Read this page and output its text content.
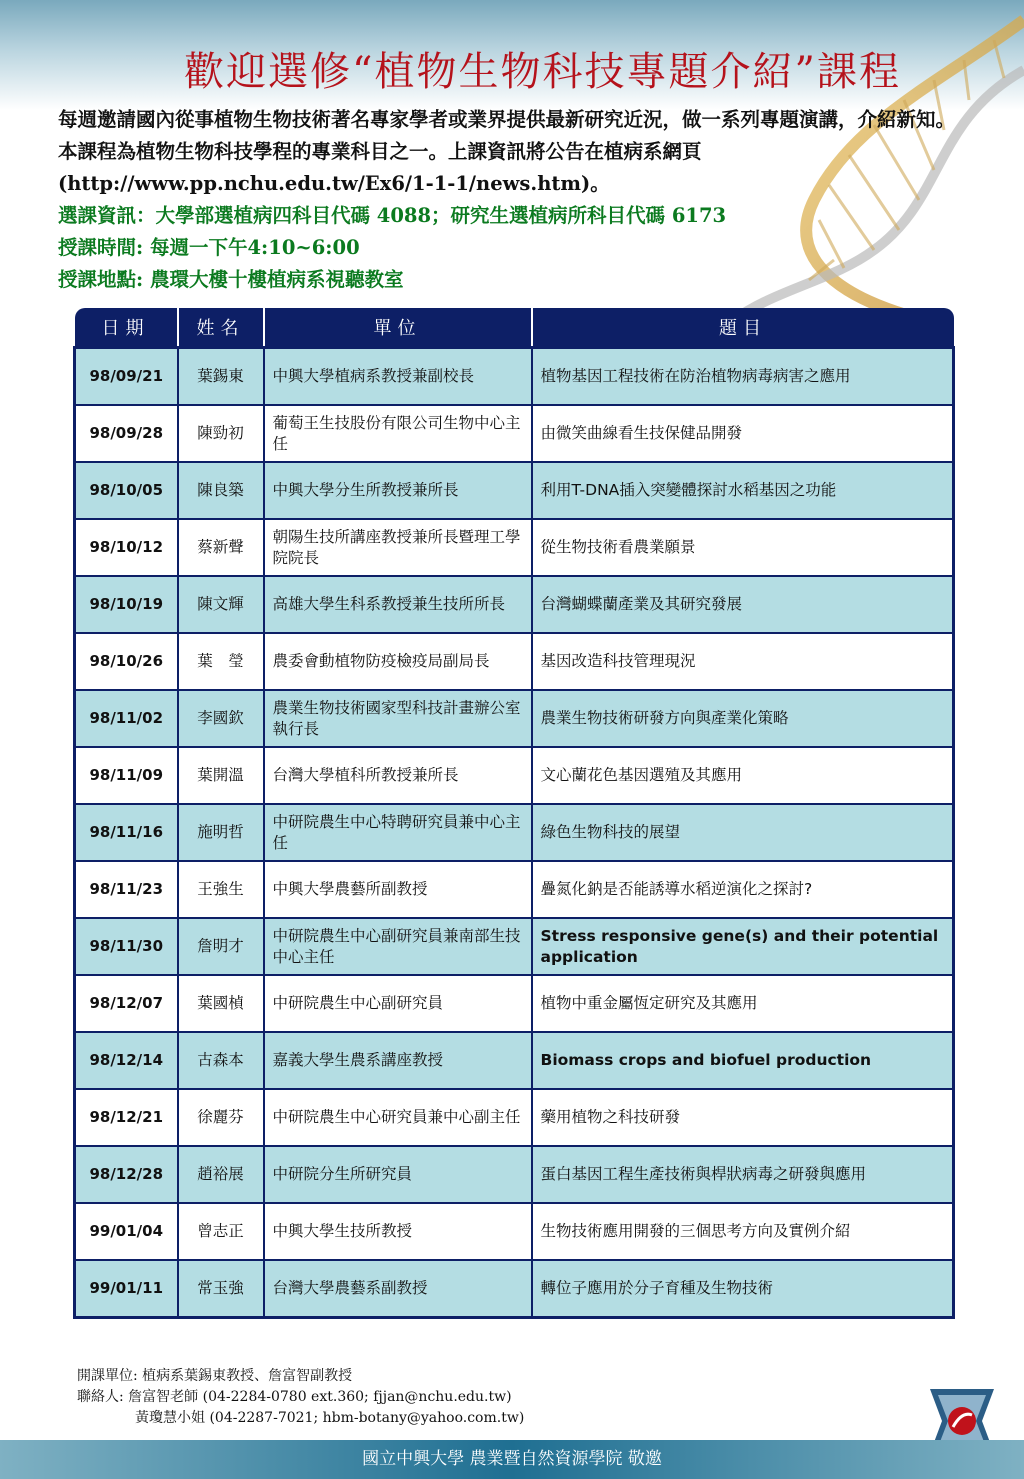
歡迎選修“植物生物科技專題介紹”課程

每週邀請國內從事植物生物技術著名專家學者或業界提供最新研究近況，做一系列專題演講，介紹新知。本課程為植物生物科技學程的專業科目之一。上課資訊將公告在植病系網頁(http://www.pp.nchu.edu.tw/Ex6/1-1-1/news.htm)。

選課資訊：大學部選植病四科目代碼 4088；研究生選植病所科目代碼 6173

授課時間: 每週一下午4:10~6:00

授課地點: 農環大樓十樓植病系視聽教室

日期	姓名	單位	題目
98/09/21	葉錫東	中興大學植病系教授兼副校長	植物基因工程技術在防治植物病毒病害之應用
98/09/28	陳勁初	葡萄王生技股份有限公司生物中心主任	由微笑曲線看生技保健品開發
98/10/05	陳良築	中興大學分生所教授兼所長	利用T-DNA插入突變體探討水稻基因之功能
98/10/12	蔡新聲	朝陽生技所講座教授兼所長暨理工學院院長	從生物技術看農業願景
98/10/19	陳文輝	高雄大學生科系教授兼生技所所長	台灣蝴蝶蘭產業及其研究發展
98/10/26	葉　瑩	農委會動植物防疫檢疫局副局長	基因改造科技管理現況
98/11/02	李國欽	農業生物技術國家型科技計畫辦公室執行長	農業生物技術研發方向與產業化策略
98/11/09	葉開溫	台灣大學植科所教授兼所長	文心蘭花色基因選殖及其應用
98/11/16	施明哲	中研院農生中心特聘研究員兼中心主任	綠色生物科技的展望
98/11/23	王強生	中興大學農藝所副教授	疊氮化鈉是否能誘導水稻逆演化之探討?
98/11/30	詹明才	中研院農生中心副研究員兼南部生技中心主任	Stress responsive gene(s) and their potential application
98/12/07	葉國楨	中研院農生中心副研究員	植物中重金屬恆定研究及其應用
98/12/14	古森本	嘉義大學生農系講座教授	Biomass crops and biofuel production
98/12/21	徐麗芬	中研院農生中心研究員兼中心副主任	藥用植物之科技研發
98/12/28	趙裕展	中研院分生所研究員	蛋白基因工程生產技術與桿狀病毒之研發與應用
99/01/04	曾志正	中興大學生技所教授	生物技術應用開發的三個思考方向及實例介紹
99/01/11	常玉強	台灣大學農藝系副教授	轉位子應用於分子育種及生物技術
開課單位: 植病系葉錫東教授、詹富智副教授
聯絡人: 詹富智老師 (04-2284-0780 ext.360; fjjan@nchu.edu.tw)
黃瓊慧小姐 (04-2287-7021; hbm-botany@yahoo.com.tw)
國立中興大學 農業暨自然資源學院 敬邀
